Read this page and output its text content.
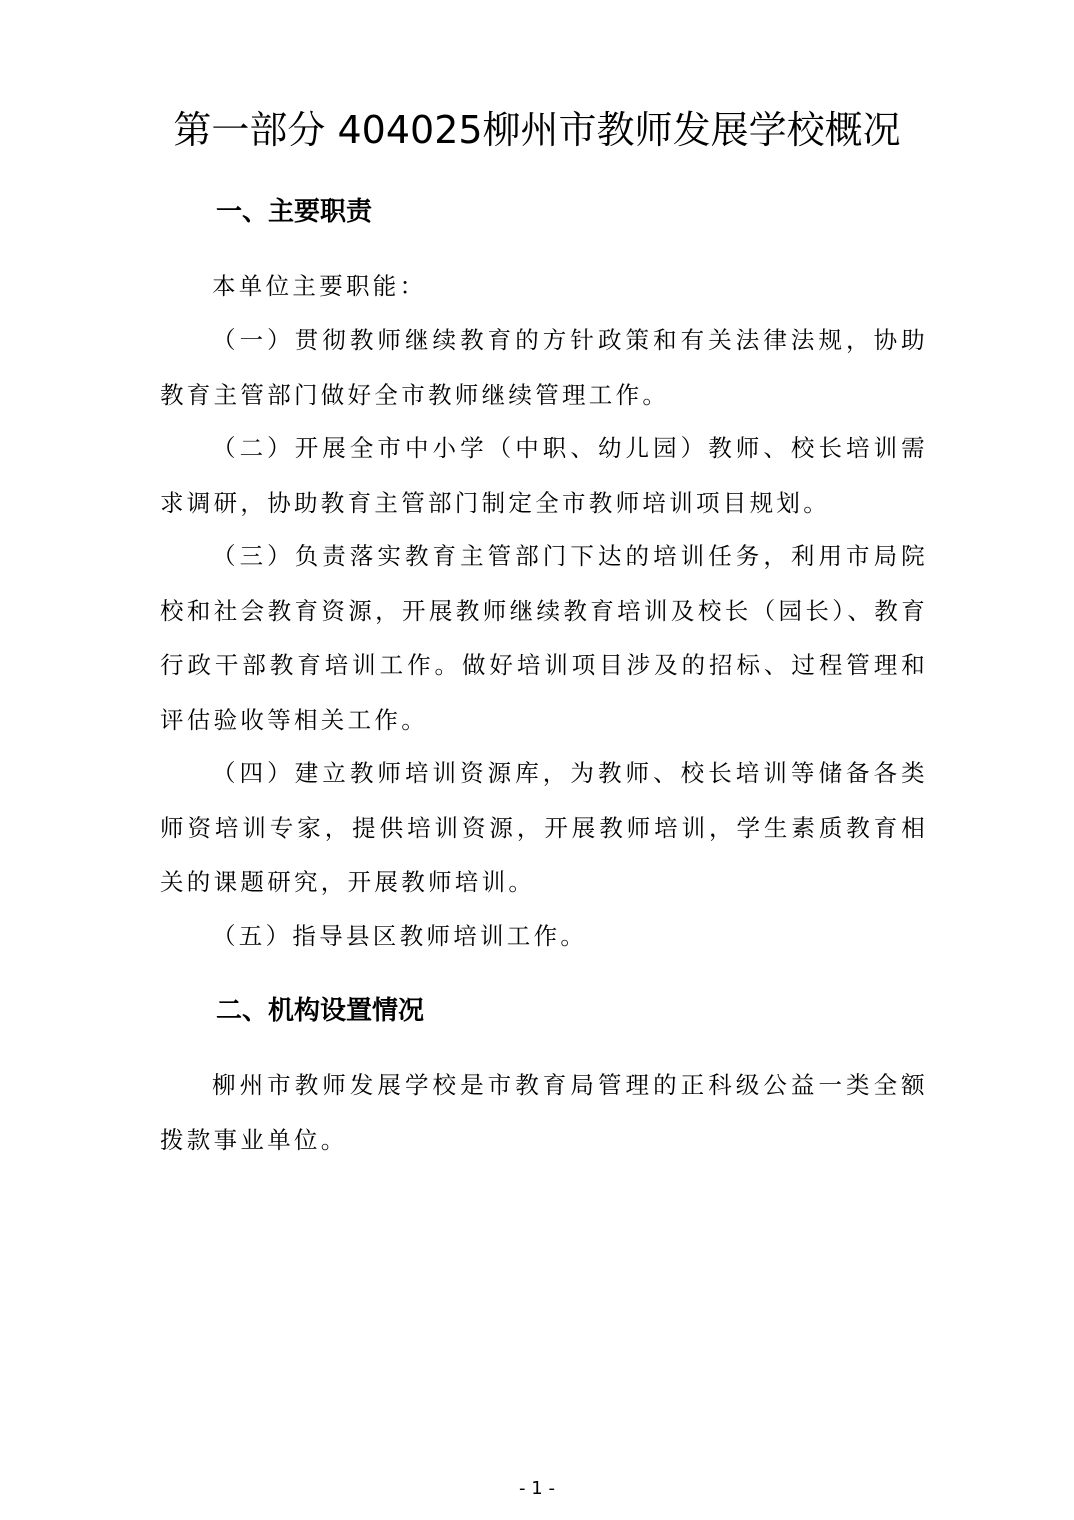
第一部分 404025柳州市教师发展学校概况
一、主要职责

本单位主要职能：

（一）贯彻教师继续教育的方针政策和有关法律法规，协助教育主管部门做好全市教师继续管理工作。

（二）开展全市中小学（中职、幼儿园）教师、校长培训需求调研，协助教育主管部门制定全市教师培训项目规划。

（三）负责落实教育主管部门下达的培训任务，利用市局院校和社会教育资源，开展教师继续教育培训及校长（园长）、教育行政干部教育培训工作。做好培训项目涉及的招标、过程管理和评估验收等相关工作。

（四）建立教师培训资源库，为教师、校长培训等储备各类师资培训专家，提供培训资源，开展教师培训，学生素质教育相关的课题研究，开展教师培训。

（五）指导县区教师培训工作。

二、机构设置情况

柳州市教师发展学校是市教育局管理的正科级公益一类全额拨款事业单位。

- 1 -
